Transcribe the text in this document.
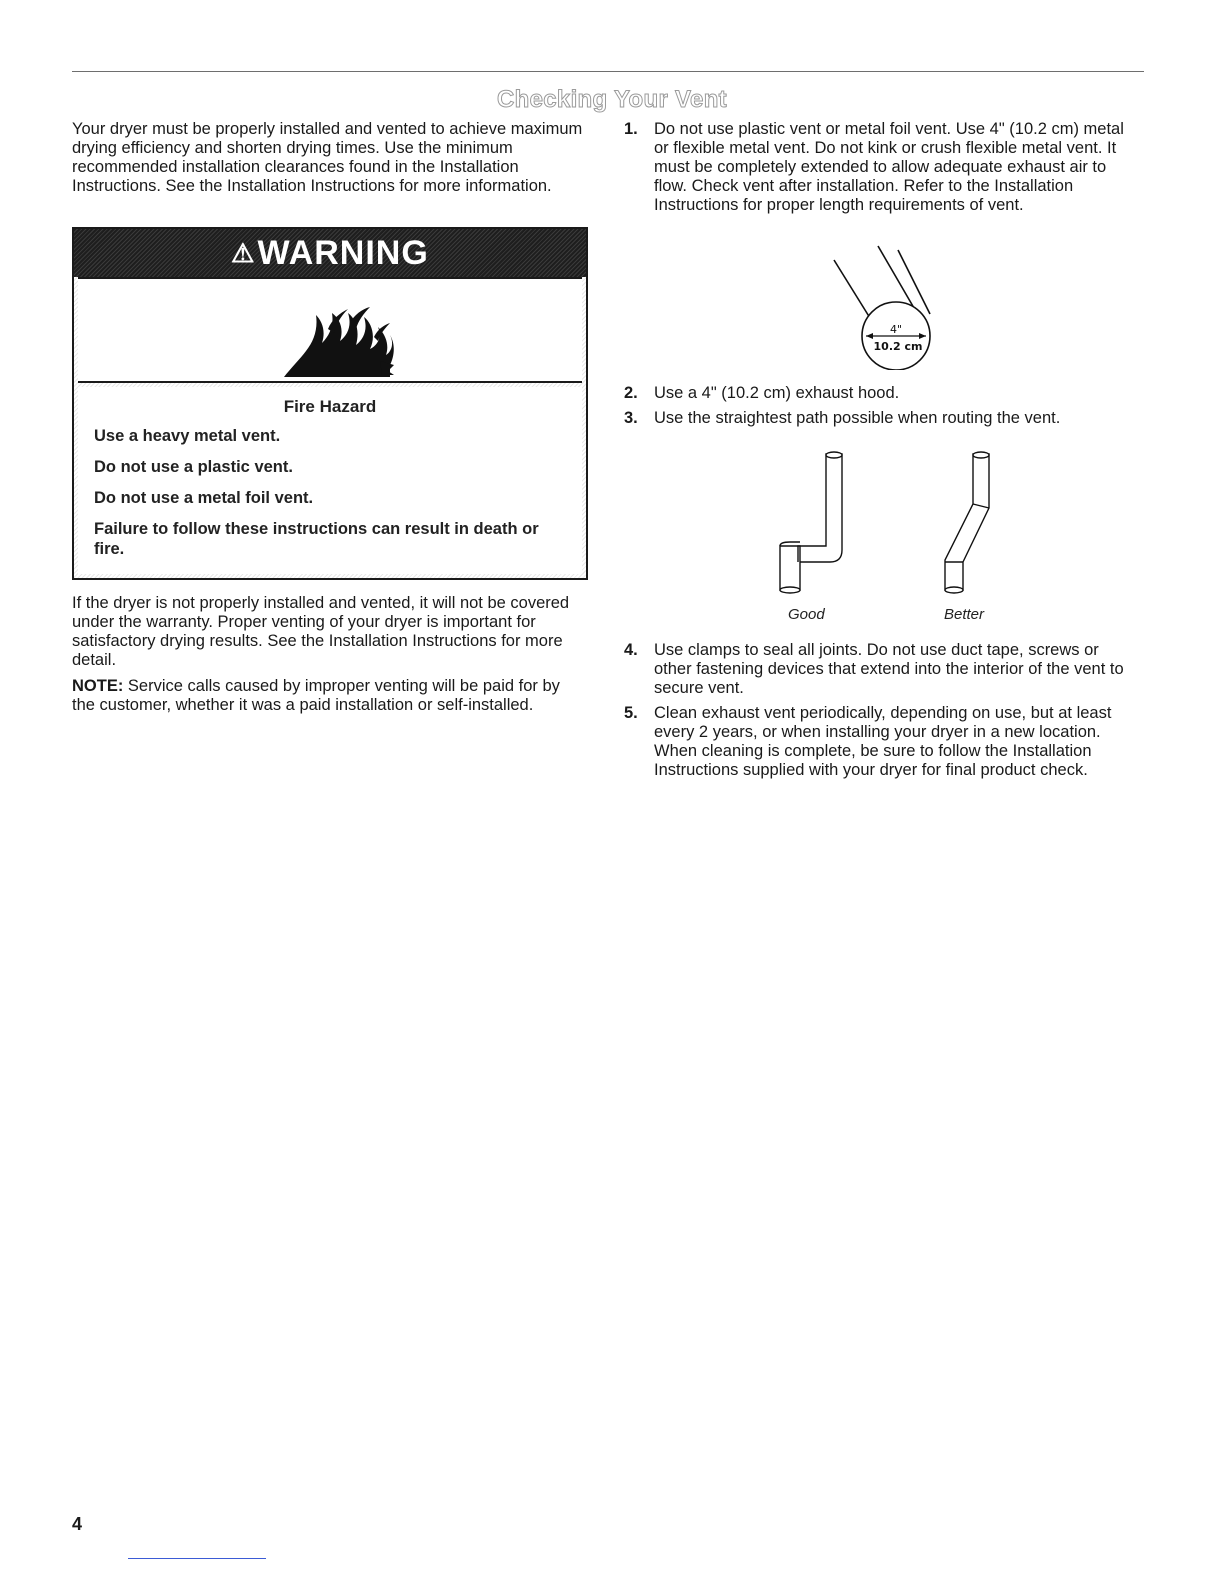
Checking Your Vent

Your dryer must be properly installed and vented to achieve maximum drying efficiency and shorten drying times. Use the minimum recommended installation clearances found in the Installation Instructions. See the Installation Instructions for more information.

⚠WARNING

Fire Hazard

Use a heavy metal vent.

Do not use a plastic vent.

Do not use a metal foil vent.

Failure to follow these instructions can result in death or fire.

If the dryer is not properly installed and vented, it will not be covered under the warranty. Proper venting of your dryer is important for satisfactory drying results. See the Installation Instructions for more detail.

NOTE: Service calls caused by improper venting will be paid for by the customer, whether it was a paid installation or self-installed.

1. Do not use plastic vent or metal foil vent. Use 4" (10.2 cm) metal or flexible metal vent. Do not kink or crush flexible metal vent. It must be completely extended to allow adequate exhaust air to flow. Check vent after installation. Refer to the Installation Instructions for proper length requirements of vent.
4"
10.2 cm
2. Use a 4" (10.2 cm) exhaust hood.
3. Use the straightest path possible when routing the vent.
Good	Better
4. Use clamps to seal all joints. Do not use duct tape, screws or other fastening devices that extend into the interior of the vent to secure vent.
5. Clean exhaust vent periodically, depending on use, but at least every 2 years, or when installing your dryer in a new location. When cleaning is complete, be sure to follow the Installation Instructions supplied with your dryer for final product check.
4
